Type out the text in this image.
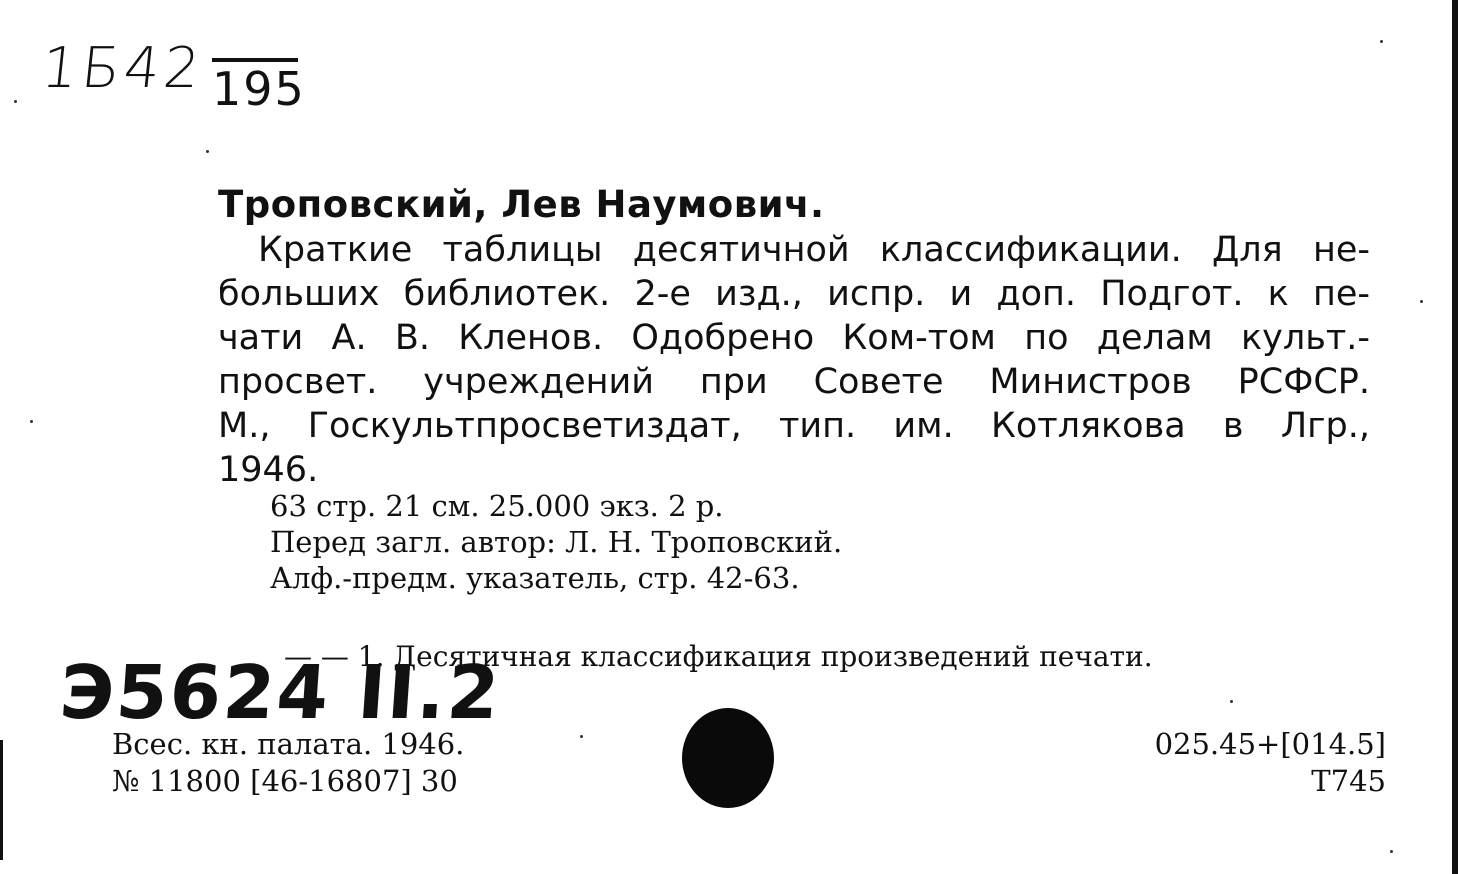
1Б42 195
Троповский, Лев Наумович.
Краткие таблицы десятичной классификации. Для не-
больших библиотек. 2-е изд., испр. и доп. Подгот. к пе-
чати А. В. Кленов. Одобрено Ком-том по делам культ.-
просвет. учреждений при Совете Министров РСФСР.
М., Госкультпросветиздат, тип. им. Котлякова в Лгр.,
1946.
63 стр. 21 см. 25.000 экз. 2 р.
Перед загл. автор: Л. Н. Троповский.
Алф.-предм. указатель, стр. 42-63.
— — 1. Десятичная классификация произведений печати.
Э5624 II.2
Всес. кн. палата. 1946.
№ 11800 [46-16807] 30
025.45+[014.5]
Т745
